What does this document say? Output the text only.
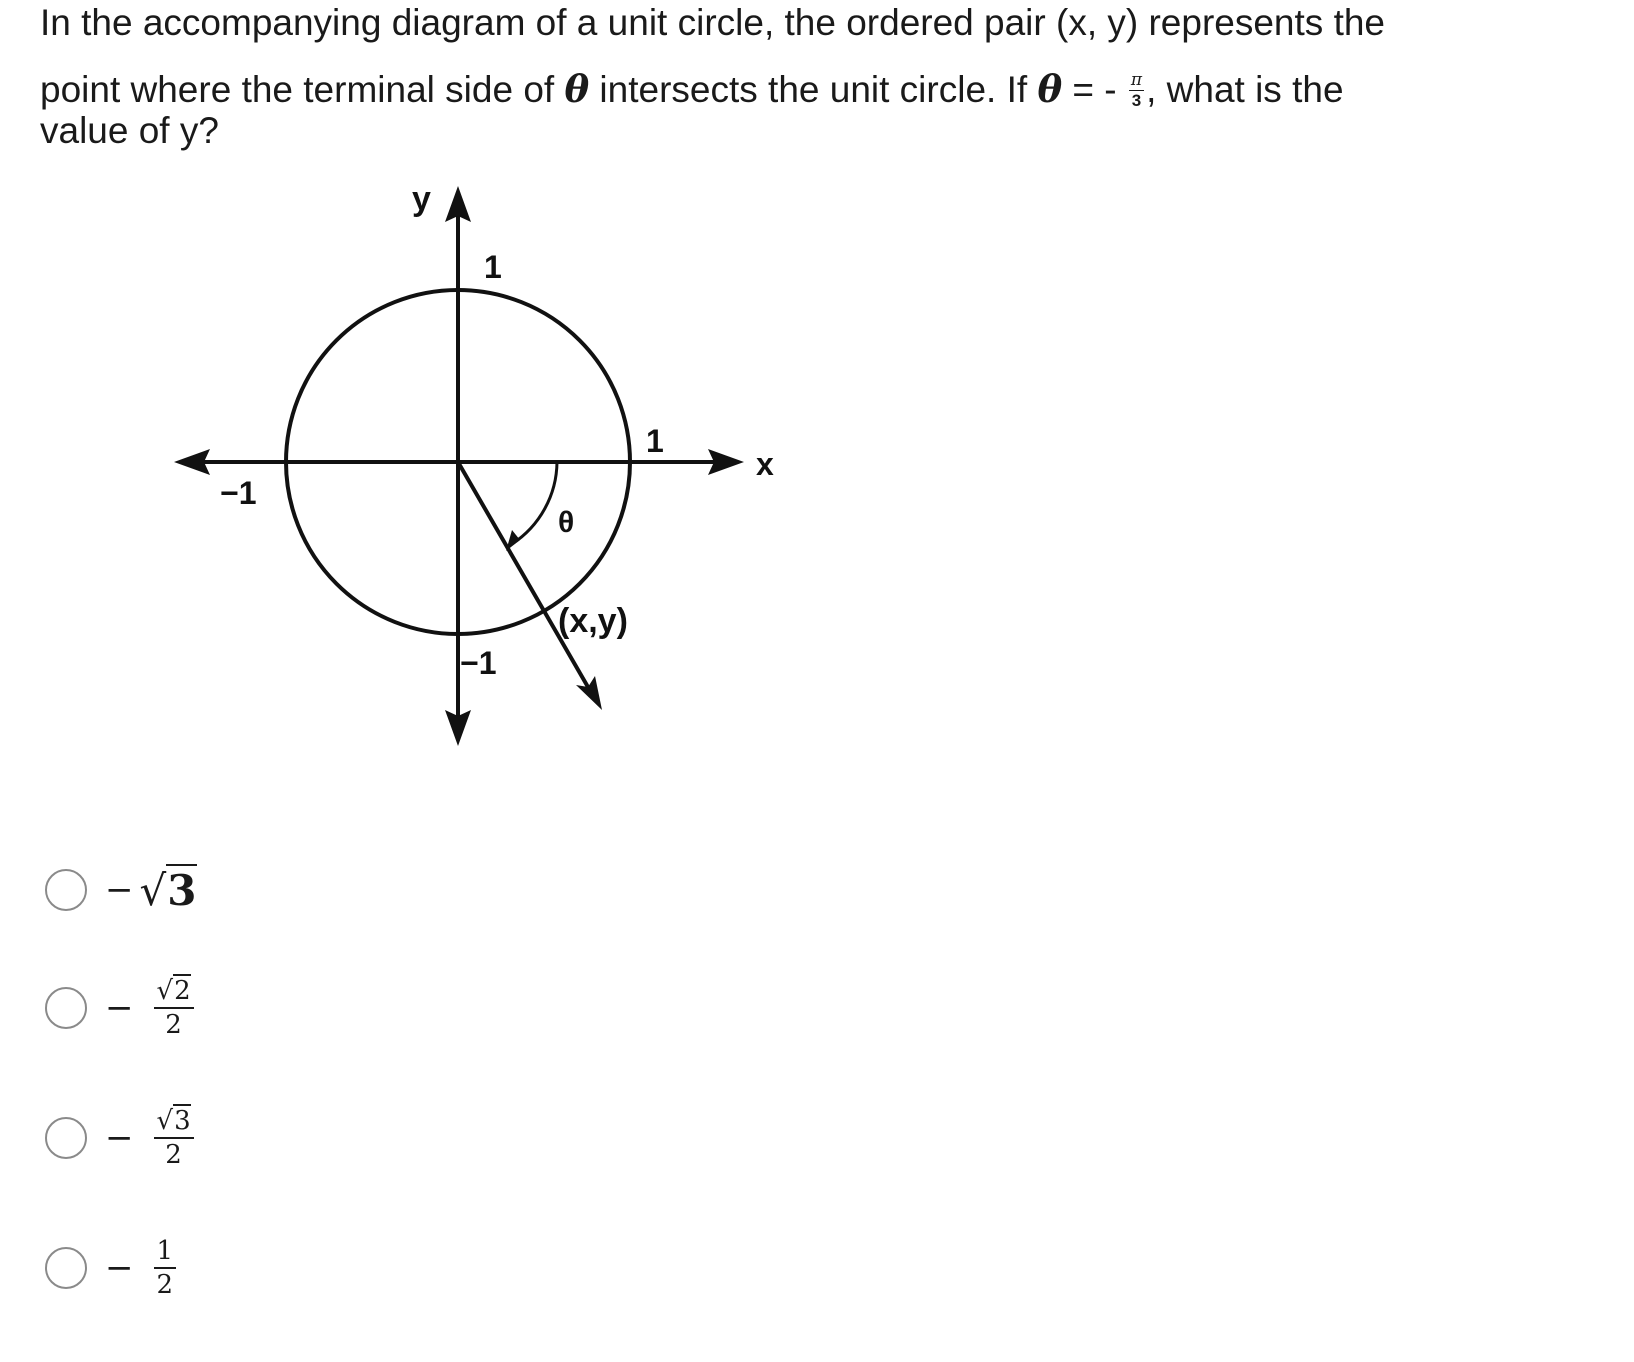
In the accompanying diagram of a unit circle, the ordered pair (x, y) represents the
point where the terminal side of θ intersects the unit circle. If θ = - $\frac{\pi}{3}$ , what is the
value of y?
y
x
1
1
−1
−1
θ
(x,y)
− √3
− $\frac{√2}{2}$
− $\frac{√3}{2}$
− $\frac{1}{2}$
